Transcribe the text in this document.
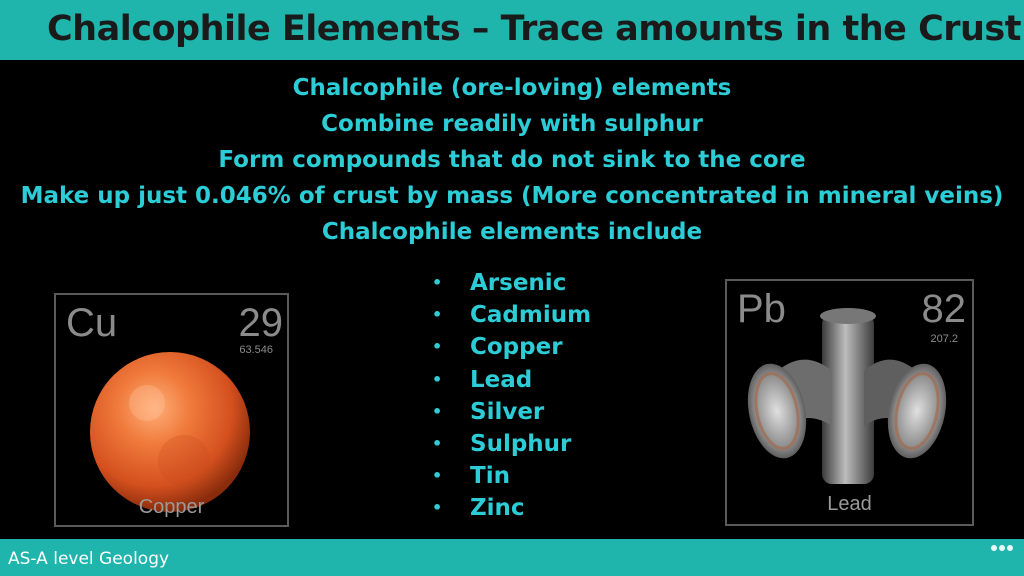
Chalcophile Elements – Trace amounts in the Crust
Chalcophile (ore-loving) elements
Combine readily with sulphur
Form compounds that do not sink to the core
Make up just 0.046% of crust by mass (More concentrated in mineral veins)
Chalcophile elements include
• Arsenic
• Cadmium
• Copper
• Lead
• Silver
• Sulphur
• Tin
• Zinc
Cu	29
63.546
Copper
Pb	82
207.2
Lead
AS-A level Geology
